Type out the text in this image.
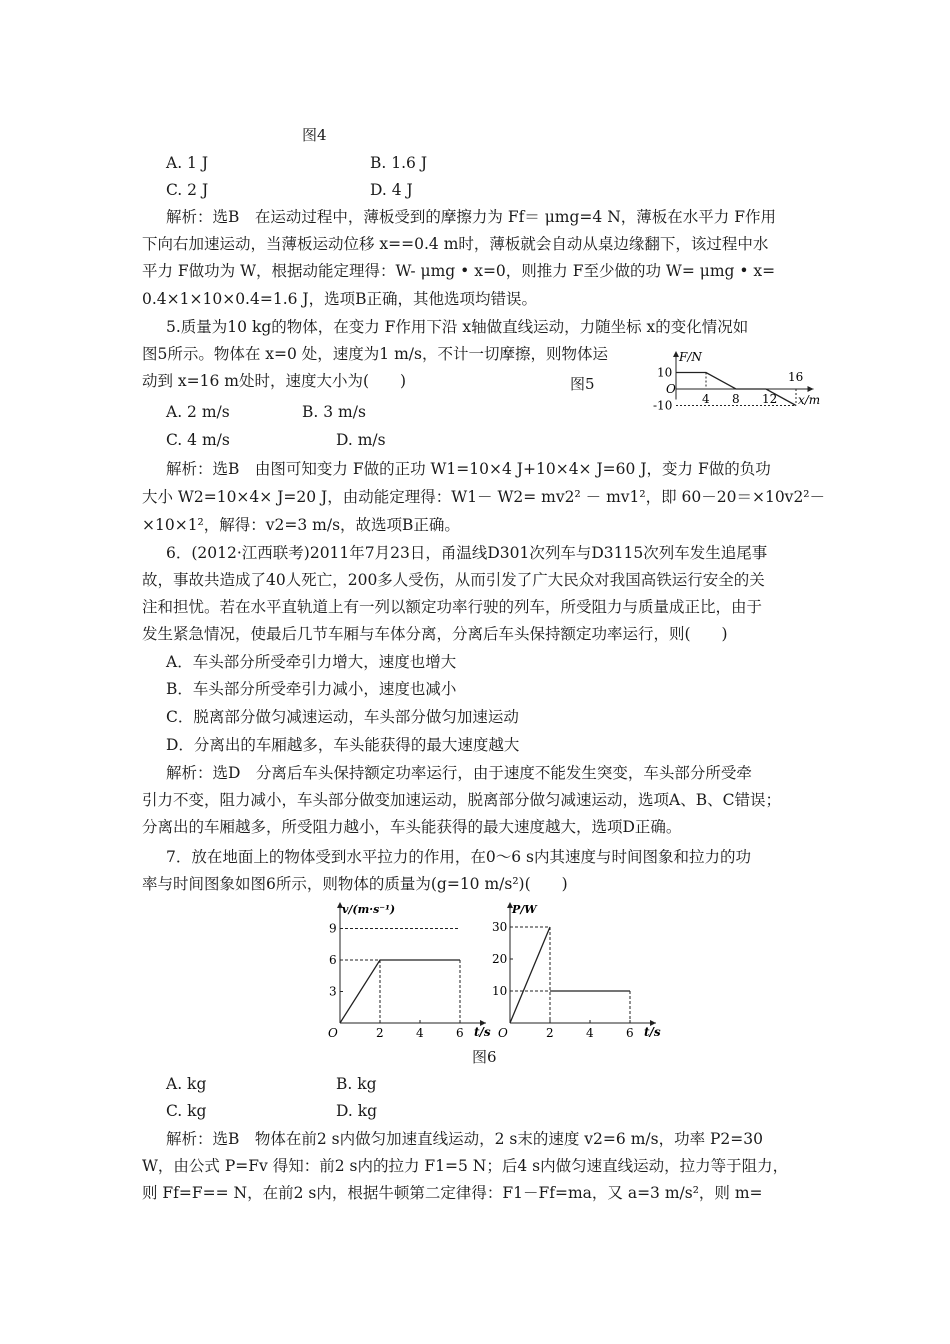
图4
A. 1 J	B. 1.6 J
C. 2 J	D. 4 J
解析：选B　在运动过程中，薄板受到的摩擦力为 Ff＝ μmg=4 N，薄板在水平力 F作用
下向右加速运动，当薄板运动位移 x==0.4 m时，薄板就会自动从桌边缘翻下，该过程中水
平力 F做功为 W，根据动能定理得：W- μmg • x=0，则推力 F至少做的功 W= μmg • x=
0.4×1×10×0.4=1.6 J，选项B正确，其他选项均错误。
5.质量为10 kg的物体，在变力 F作用下沿 x轴做直线运动，力随坐标 x的变化情况如
图5所示。物体在 x=0 处，速度为1 m/s，不计一切摩擦，则物体运
动到 x=16 m处时，速度大小为(　　)	图5
F/N
x/m
O
10
-10 4 8 12
16
A. 2 m/s	B. 3 m/s
C. 4 m/s	D. m/s
解析：选B　由图可知变力 F做的正功 W1=10×4 J+10×4× J=60 J，变力 F做的负功
大小 W2=10×4× J=20 J，由动能定理得：W1－ W2= mv2² － mv1²，即 60－20＝×10v2²－
×10×1²，解得：v2=3 m/s，故选项B正确。
6．(2012·江西联考)2011年7月23日，甬温线D301次列车与D3115次列车发生追尾事
故，事故共造成了40人死亡，200多人受伤，从而引发了广大民众对我国高铁运行安全的关
注和担忧。若在水平直轨道上有一列以额定功率行驶的列车，所受阻力与质量成正比，由于
发生紧急情况，使最后几节车厢与车体分离，分离后车头保持额定功率运行，则(　　)
A．车头部分所受牵引力增大，速度也增大
B．车头部分所受牵引力减小，速度也减小
C．脱离部分做匀减速运动，车头部分做匀加速运动
D．分离出的车厢越多，车头能获得的最大速度越大
解析：选D　分离后车头保持额定功率运行，由于速度不能发生突变，车头部分所受牵
引力不变，阻力减小，车头部分做变加速运动，脱离部分做匀减速运动，选项A、B、C错误；
分离出的车厢越多，所受阻力越小，车头能获得的最大速度越大，选项D正确。
7．放在地面上的物体受到水平拉力的作用，在0～6 s内其速度与时间图象和拉力的功
率与时间图象如图6所示，则物体的质量为(g=10 m/s²)(　　)
v/(m·s⁻¹)
t/s
O	2	4	6
3
6
9
P/W
t/s
O	2	4	6
10
20
30
图6
A. kg	B. kg
C. kg	D. kg
解析：选B　物体在前2 s内做匀加速直线运动，2 s末的速度 v2=6 m/s，功率 P2=30
W，由公式 P=Fv 得知：前2 s内的拉力 F1=5 N；后4 s内做匀速直线运动，拉力等于阻力，
则 Ff=F== N，在前2 s内，根据牛顿第二定律得：F1－Ff=ma，又 a=3 m/s²，则 m=
